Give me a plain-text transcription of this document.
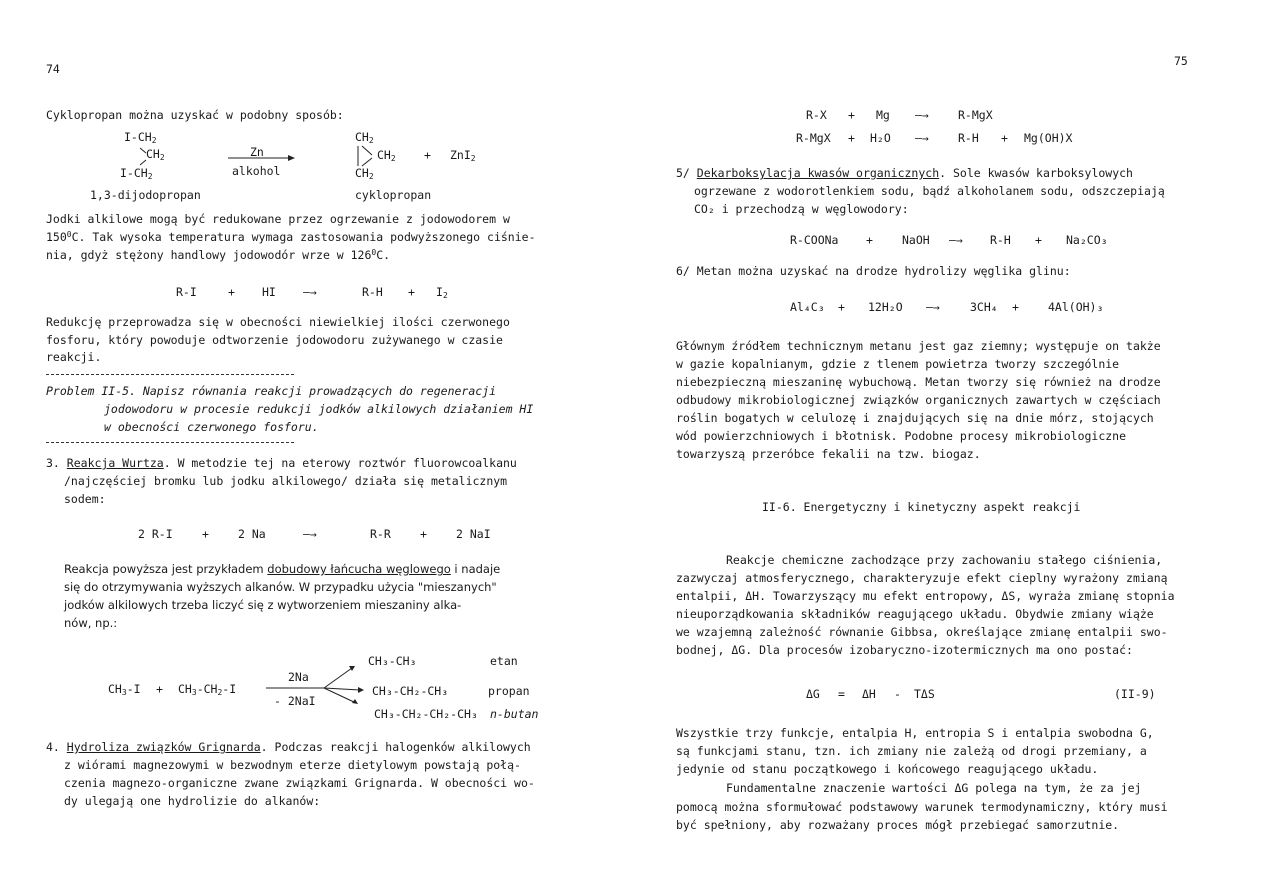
74
Cyklopropan można uzyskać w podobny sposób:
$I-CH_2$
$CH_2$
$I-CH_2$
Zn
alkohol
$CH_2$
$CH_2$
$CH_2$
+ ZnI$_2$
1,3-dijodopropan	cyklopropan
Jodki alkilowe mogą być redukowane przez ogrzewanie z jodowodorem w
$150^0C$. Tak wysoka temperatura wymaga zastosowania podwyższonego ciśnie-
nia, gdyż stężony handlowy jodowodór wrze w $126^0C$.
R-I	+ HI —→	$R-H + I_2$
Redukcję przeprowadza się w obecności niewielkiej ilości czerwonego
fosforu, który powoduje odtworzenie jodowodoru zużywanego w czasie
reakcji.
Problem II-5. Napisz równania reakcji prowadzących do regeneracji
jodowodoru w procesie redukcji jodków alkilowych działaniem HI
w obecności czerwonego fosforu.
3. Reakcja Wurtza. W metodzie tej na eterowy roztwór fluorowcoalkanu
/najczęściej bromku lub jodku alkilowego/ działa się metalicznym
sodem:
2 R-I	+	2 Na	—→	R-R	+	2 NaI
Reakcja powyższa jest przykładem dobudowy łańcucha węglowego i nadaje
się do otrzymywania wyższych alkanów. W przypadku użycia "mieszanych"
jodków alkilowych trzeba liczyć się z wytworzeniem mieszaniny alka-
nów, np.:
$CH_3-I + CH_3-CH_2-I$
2Na
- 2NaI
CH₃-CH₃
CH₃-CH₂-CH₃
CH₃-CH₂-CH₂-CH₃
etan
propan
n-butan
4. Hydroliza związków Grignarda. Podczas reakcji halogenków alkilowych
z wiórami magnezowymi w bezwodnym eterze dietylowym powstają połą-
czenia magnezo-organiczne zwane związkami Grignarda. W obecności wo-
dy ulegają one hydrolizie do alkanów:
75
R-X + Mg —→	R-MgX
R-MgX + H₂O —→	R-H + Mg(OH)X
5/ Dekarboksylacja kwasów organicznych. Sole kwasów karboksylowych
ogrzewane z wodorotlenkiem sodu, bądź alkoholanem sodu, odszczepiają
CO₂ i przechodzą w węglowodory:
R-COONa +	NaOH —→ R-H + Na₂CO₃
6/ Metan można uzyskać na drodze hydrolizy węglika glinu:
Al₄C₃ + 12H₂O —→	3CH₄ +	4Al(OH)₃
Głównym źródłem technicznym metanu jest gaz ziemny; występuje on także
w gazie kopalnianym, gdzie z tlenem powietrza tworzy szczególnie
niebezpieczną mieszaninę wybuchową. Metan tworzy się również na drodze
odbudowy mikrobiologicznej związków organicznych zawartych w częściach
roślin bogatych w celulozę i znajdujących się na dnie mórz, stojących
wód powierzchniowych i błotnisk. Podobne procesy mikrobiologiczne
towarzyszą przeróbce fekalii na tzw. biogaz.
II-6. Energetyczny i kinetyczny aspekt reakcji
Reakcje chemiczne zachodzące przy zachowaniu stałego ciśnienia,
zazwyczaj atmosferycznego, charakteryzuje efekt cieplny wyrażony zmianą
entalpii, ΔH. Towarzyszący mu efekt entropowy, ΔS, wyraża zmianę stopnia
nieuporządkowania składników reagującego układu. Obydwie zmiany wiąże
we wzajemną zależność równanie Gibbsa, określające zmianę entalpii swo-
bodnej, ΔG. Dla procesów izobaryczno-izotermicznych ma ono postać:
ΔG = ΔH - TΔS	(II-9)
Wszystkie trzy funkcje, entalpia H, entropia S i entalpia swobodna G,
są funkcjami stanu, tzn. ich zmiany nie zależą od drogi przemiany, a
jedynie od stanu początkowego i końcowego reagującego układu.
Fundamentalne znaczenie wartości ΔG polega na tym, że za jej
pomocą można sformułować podstawowy warunek termodynamiczny, który musi
być spełniony, aby rozważany proces mógł przebiegać samorzutnie.
